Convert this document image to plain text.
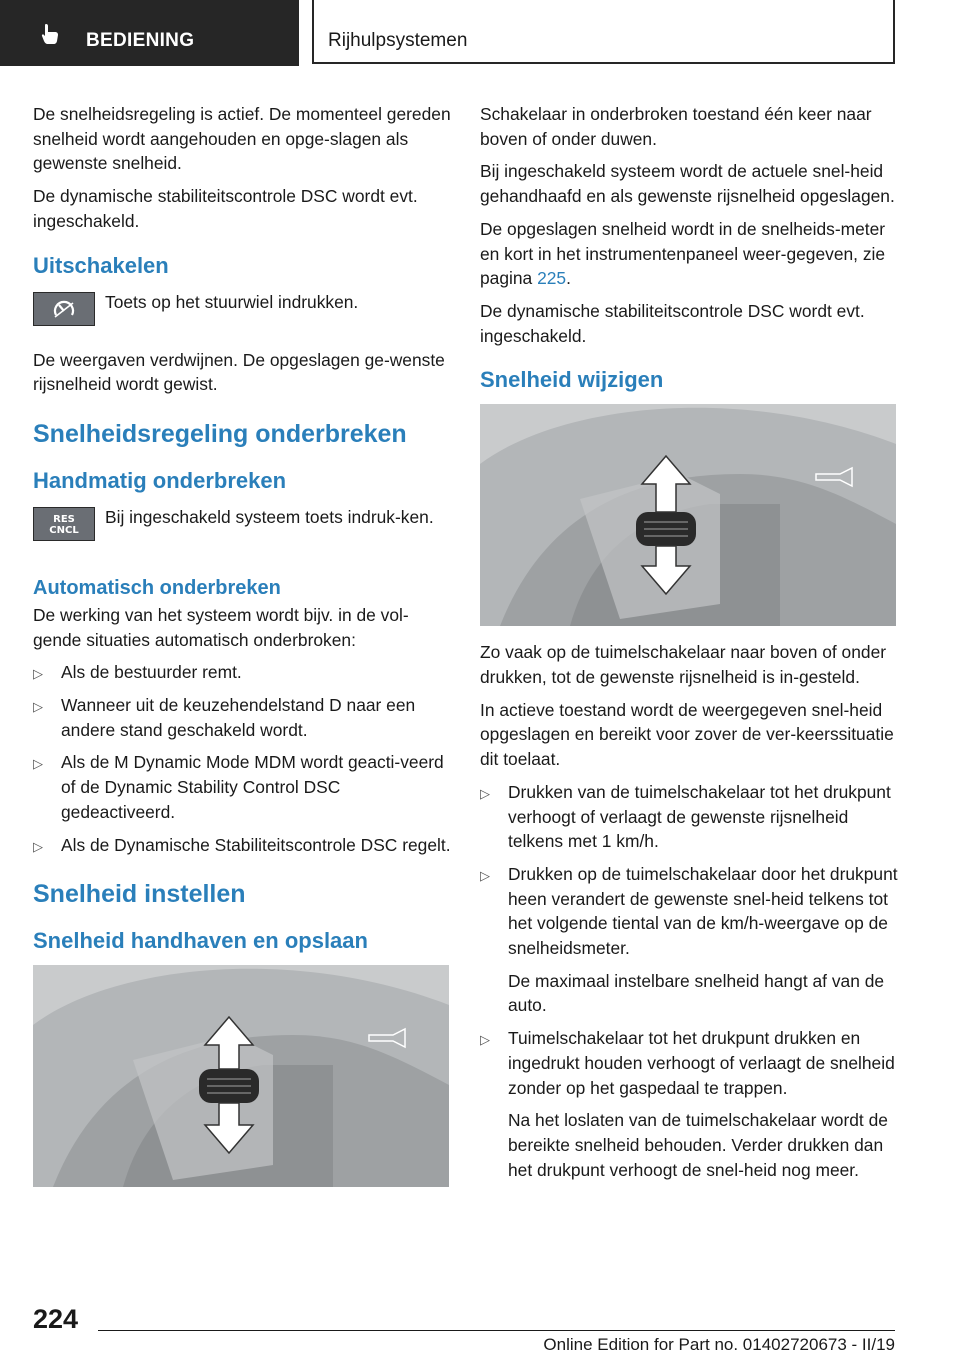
BEDIENING	Rijhulpsystemen

De snelheidsregeling is actief. De momenteel gereden snelheid wordt aangehouden en opge-slagen als gewenste snelheid.

De dynamische stabiliteitscontrole DSC wordt evt. ingeschakeld.

Uitschakelen
Toets op het stuurwiel indrukken.

De weergaven verdwijnen. De opgeslagen ge-wenste rijsnelheid wordt gewist.

Snelheidsregeling onderbreken
Handmatig onderbreken
RES
CNCL
Bij ingeschakeld systeem toets indruk-ken.
Automatisch onderbreken

De werking van het systeem wordt bijv. in de vol-gende situaties automatisch onderbroken:

▷ Als de bestuurder remt.
▷ Wanneer uit de keuzehendelstand D naar een andere stand geschakeld wordt.
▷ Als de M Dynamic Mode MDM wordt geacti-veerd of de Dynamic Stability Control DSC gedeactiveerd.
▷ Als de Dynamische Stabiliteitscontrole DSC regelt.
Snelheid instellen
Snelheid handhaven en opslaan

Schakelaar in onderbroken toestand één keer naar boven of onder duwen.

Bij ingeschakeld systeem wordt de actuele snel-heid gehandhaafd en als gewenste rijsnelheid opgeslagen.

De opgeslagen snelheid wordt in de snelheids-meter en kort in het instrumentenpaneel weer-gegeven, zie pagina 225.

De dynamische stabiliteitscontrole DSC wordt evt. ingeschakeld.

Snelheid wijzigen

Zo vaak op de tuimelschakelaar naar boven of onder drukken, tot de gewenste rijsnelheid is in-gesteld.

In actieve toestand wordt de weergegeven snel-heid opgeslagen en bereikt voor zover de ver-keerssituatie dit toelaat.

▷ Drukken van de tuimelschakelaar tot het drukpunt verhoogt of verlaagt de gewenste rijsnelheid telkens met 1 km/h.
▷ Drukken op de tuimelschakelaar door het drukpunt heen verandert de gewenste snel-heid telkens tot het volgende tiental van de km/h-weergave op de snelheidsmeter.

De maximaal instelbare snelheid hangt af van de auto.

▷ Tuimelschakelaar tot het drukpunt drukken en ingedrukt houden verhoogt of verlaagt de snelheid zonder op het gaspedaal te trappen.

Na het loslaten van de tuimelschakelaar wordt de bereikte snelheid behouden. Verder drukken dan het drukpunt verhoogt de snel-heid nog meer.

224
Online Edition for Part no. 01402720673 - II/19
